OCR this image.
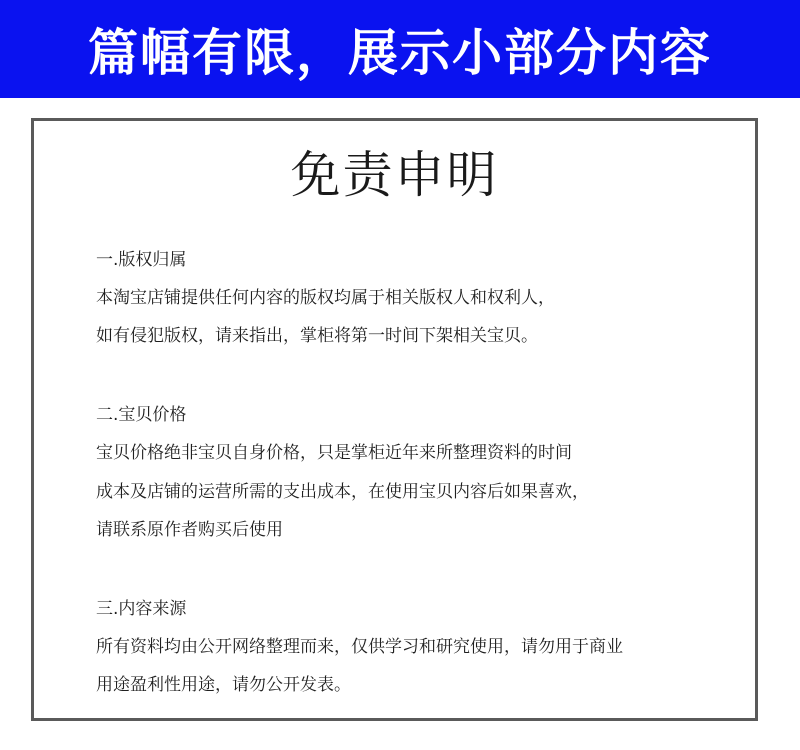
篇幅有限，展示小部分内容
免责申明
一.版权归属
本淘宝店铺提供任何内容的版权均属于相关版权人和权利人，
如有侵犯版权，请来指出，掌柜将第一时间下架相关宝贝。
二.宝贝价格
宝贝价格绝非宝贝自身价格，只是掌柜近年来所整理资料的时间
成本及店铺的运营所需的支出成本，在使用宝贝内容后如果喜欢，
请联系原作者购买后使用
三.内容来源
所有资料均由公开网络整理而来，仅供学习和研究使用，请勿用于商业
用途盈利性用途，请勿公开发表。
